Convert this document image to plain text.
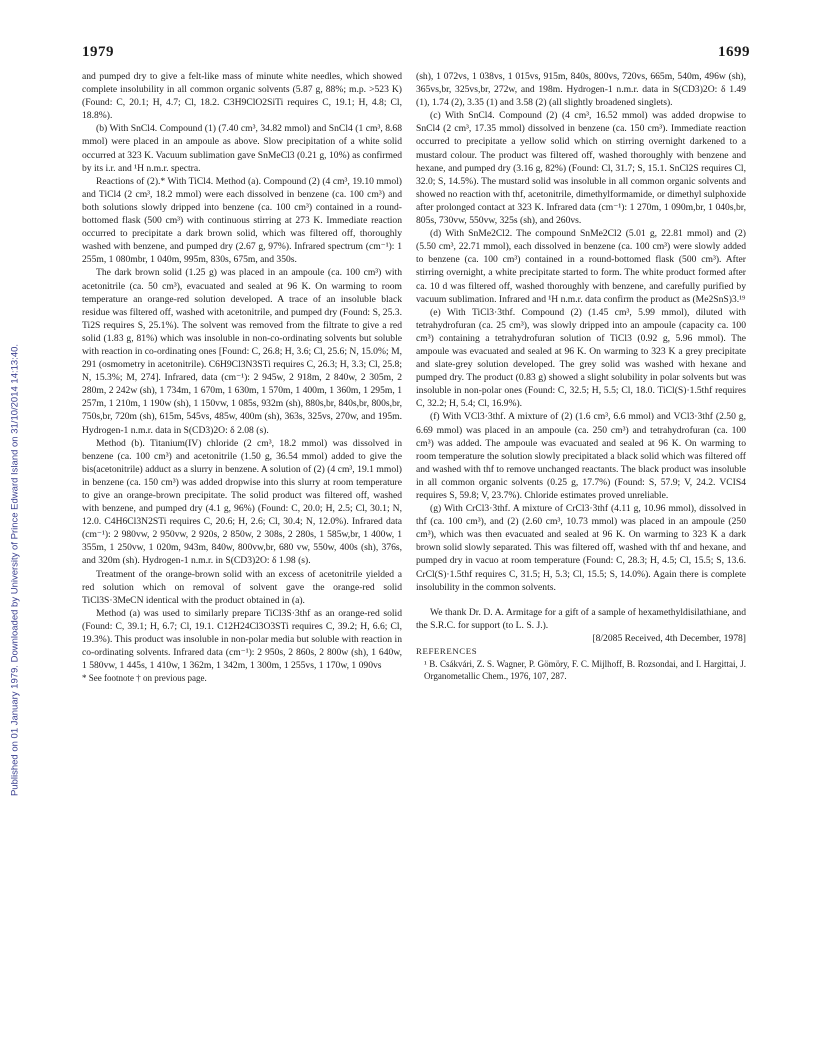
1979	1699
Published on 01 January 1979. Downloaded by University of Prince Edward Island on 31/10/2014 14:13:40.

and pumped dry to give a felt-like mass of minute white needles, which showed complete insolubility in all common organic solvents (5.87 g, 88%; m.p. >523 K) (Found: C, 20.1; H, 4.7; Cl, 18.2. C3H9ClO2SiTi requires C, 19.1; H, 4.8; Cl, 18.8%).

(b) With SnCl4. Compound (1) (7.40 cm³, 34.82 mmol) and SnCl4 (1 cm³, 8.68 mmol) were placed in an ampoule as above. Slow precipitation of a white solid occurred at 323 K. Vacuum sublimation gave SnMeCl3 (0.21 g, 10%) as confirmed by its i.r. and ¹H n.m.r. spectra.

Reactions of (2).* With TiCl4. Method (a). Compound (2) (4 cm³, 19.10 mmol) and TiCl4 (2 cm³, 18.2 mmol) were each dissolved in benzene (ca. 100 cm³) and both solutions slowly dripped into benzene (ca. 100 cm³) contained in a round-bottomed flask (500 cm³) with continuous stirring at 273 K. Immediate reaction occurred to precipitate a dark brown solid, which was filtered off, thoroughly washed with benzene, and pumped dry (2.67 g, 97%). Infrared spectrum (cm⁻¹): 1 255m, 1 080mbr, 1 040m, 995m, 830s, 675m, and 350s.

The dark brown solid (1.25 g) was placed in an ampoule (ca. 100 cm³) with acetonitrile (ca. 50 cm³), evacuated and sealed at 96 K. On warming to room temperature an orange-red solution developed. A trace of an insoluble black residue was filtered off, washed with acetonitrile, and pumped dry (Found: S, 25.3. Ti2S requires S, 25.1%). The solvent was removed from the filtrate to give a red solid (1.83 g, 81%) which was insoluble in non-co-ordinating solvents but soluble with reaction in co-ordinating ones [Found: C, 26.8; H, 3.6; Cl, 25.6; N, 15.0%; M, 291 (osmometry in acetonitrile). C6H9Cl3N3STi requires C, 26.3; H, 3.3; Cl, 25.8; N, 15.3%; M, 274]. Infrared, data (cm⁻¹): 2 945w, 2 918m, 2 840w, 2 305m, 2 280m, 2 242w (sh), 1 734m, 1 670m, 1 630m, 1 570m, 1 400m, 1 360m, 1 295m, 1 257m, 1 210m, 1 190w (sh), 1 150vw, 1 085s, 932m (sh), 880s,br, 840s,br, 800s,br, 750s,br, 720m (sh), 615m, 545vs, 485w, 400m (sh), 363s, 325vs, 270w, and 195m. Hydrogen-1 n.m.r. data in S(CD3)2O: δ 2.08 (s).

Method (b). Titanium(IV) chloride (2 cm³, 18.2 mmol) was dissolved in benzene (ca. 100 cm³) and acetonitrile (1.50 g, 36.54 mmol) added to give the bis(acetonitrile) adduct as a slurry in benzene. A solution of (2) (4 cm³, 19.1 mmol) in benzene (ca. 150 cm³) was added dropwise into this slurry at room temperature to give an orange-brown precipitate. The solid product was filtered off, washed with benzene, and pumped dry (4.1 g, 96%) (Found: C, 20.0; H, 2.5; Cl, 30.1; N, 12.0. C4H6Cl3N2STi requires C, 20.6; H, 2.6; Cl, 30.4; N, 12.0%). Infrared data (cm⁻¹): 2 980vw, 2 950vw, 2 920s, 2 850w, 2 308s, 2 280s, 1 585w,br, 1 400w, 1 355m, 1 250vw, 1 020m, 943m, 840w, 800vw,br, 680 vw, 550w, 400s (sh), 376s, and 320m (sh). Hydrogen-1 n.m.r. in S(CD3)2O: δ 1.98 (s).

Treatment of the orange-brown solid with an excess of acetonitrile yielded a red solution which on removal of solvent gave the orange-red solid TiCl3S·3MeCN identical with the product obtained in (a).

Method (a) was used to similarly prepare TiCl3S·3thf as an orange-red solid (Found: C, 39.1; H, 6.7; Cl, 19.1. C12H24Cl3O3STi requires C, 39.2; H, 6.6; Cl, 19.3%). This product was insoluble in non-polar media but soluble with reaction in co-ordinating solvents. Infrared data (cm⁻¹): 2 950s, 2 860s, 2 800w (sh), 1 640w, 1 580vw, 1 445s, 1 410w, 1 362m, 1 342m, 1 300m, 1 255vs, 1 170w, 1 090vs

* See footnote † on previous page.

(sh), 1 072vs, 1 038vs, 1 015vs, 915m, 840s, 800vs, 720vs, 665m, 540m, 496w (sh), 365vs,br, 325vs,br, 272w, and 198m. Hydrogen-1 n.m.r. data in S(CD3)2O: δ 1.49 (1), 1.74 (2), 3.35 (1) and 3.58 (2) (all slightly broadened singlets).

(c) With SnCl4. Compound (2) (4 cm³, 16.52 mmol) was added dropwise to SnCl4 (2 cm³, 17.35 mmol) dissolved in benzene (ca. 150 cm³). Immediate reaction occurred to precipitate a yellow solid which on stirring overnight darkened to a mustard colour. The product was filtered off, washed thoroughly with benzene and hexane, and pumped dry (3.16 g, 82%) (Found: Cl, 31.7; S, 15.1. SnCl2S requires Cl, 32.0; S, 14.5%). The mustard solid was insoluble in all common organic solvents and showed no reaction with thf, acetonitrile, dimethylformamide, or dimethyl sulphoxide after prolonged contact at 323 K. Infrared data (cm⁻¹): 1 270m, 1 090m,br, 1 040s,br, 805s, 730vw, 550vw, 325s (sh), and 260vs.

(d) With SnMe2Cl2. The compound SnMe2Cl2 (5.01 g, 22.81 mmol) and (2) (5.50 cm³, 22.71 mmol), each dissolved in benzene (ca. 100 cm³) were slowly added to benzene (ca. 100 cm³) contained in a round-bottomed flask (500 cm³). After stirring overnight, a white precipitate started to form. The white product formed after ca. 10 d was filtered off, washed thoroughly with benzene, and carefully purified by vacuum sublimation. Infrared and ¹H n.m.r. data confirm the product as (Me2SnS)3.¹⁹

(e) With TiCl3·3thf. Compound (2) (1.45 cm³, 5.99 mmol), diluted with tetrahydrofuran (ca. 25 cm³), was slowly dripped into an ampoule (capacity ca. 100 cm³) containing a tetrahydrofuran solution of TiCl3 (0.92 g, 5.96 mmol). The ampoule was evacuated and sealed at 96 K. On warming to 323 K a grey precipitate and slate-grey solution developed. The grey solid was washed with hexane and pumped dry. The product (0.83 g) showed a slight solubility in polar solvents but was insoluble in non-polar ones (Found: C, 32.5; H, 5.5; Cl, 18.0. TiCl(S)·1.5thf requires C, 32.2; H, 5.4; Cl, 16.9%).

(f) With VCl3·3thf. A mixture of (2) (1.6 cm³, 6.6 mmol) and VCl3·3thf (2.50 g, 6.69 mmol) was placed in an ampoule (ca. 250 cm³) and tetrahydrofuran (ca. 100 cm³) was added. The ampoule was evacuated and sealed at 96 K. On warming to room temperature the solution slowly precipitated a black solid which was filtered off and washed with thf to remove unchanged reactants. The black product was insoluble in all common organic solvents (0.25 g, 17.7%) (Found: S, 57.9; V, 24.2. VCIS4 requires S, 59.8; V, 23.7%). Chloride estimates proved unreliable.

(g) With CrCl3·3thf. A mixture of CrCl3·3thf (4.11 g, 10.96 mmol), dissolved in thf (ca. 100 cm³), and (2) (2.60 cm³, 10.73 mmol) was placed in an ampoule (250 cm³), which was then evacuated and sealed at 96 K. On warming to 323 K a dark brown solid slowly separated. This was filtered off, washed with thf and hexane, and pumped dry in vacuo at room temperature (Found: C, 28.3; H, 4.5; Cl, 15.5; S, 13.6. CrCl(S)·1.5thf requires C, 31.5; H, 5.3; Cl, 15.5; S, 14.0%). Again there is complete insolubility in the common solvents.

We thank Dr. D. A. Armitage for a gift of a sample of hexamethyldisilathiane, and the S.R.C. for support (to L. S. J.).

[8/2085 Received, 4th December, 1978]

REFERENCES

¹ B. Csákvári, Z. S. Wagner, P. Gömöry, F. C. Mijlhoff, B. Rozsondai, and I. Hargittai, J. Organometallic Chem., 1976, 107, 287.
